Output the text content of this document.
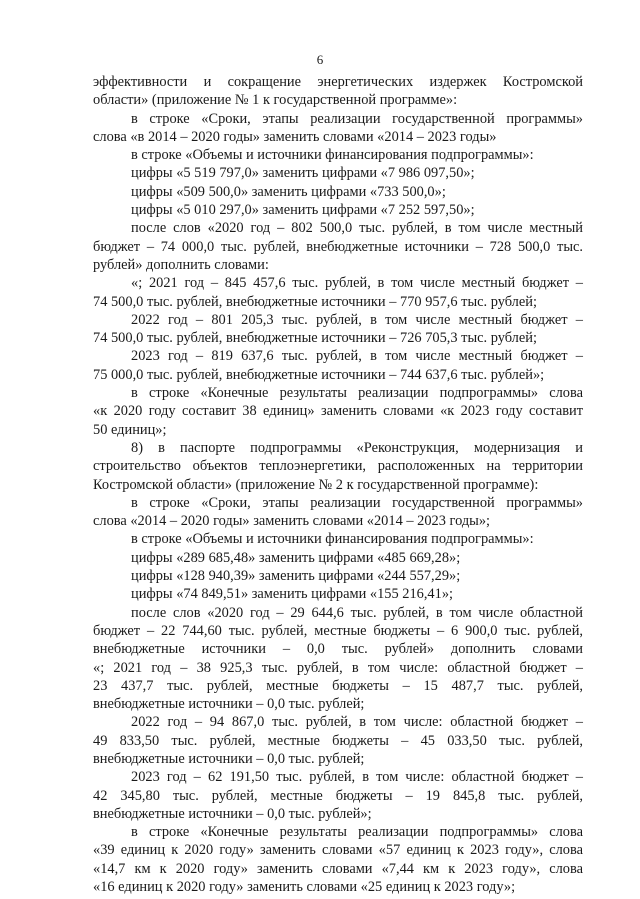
6
эффективности и сокращение энергетических издержек Костромской
области» (приложение № 1 к государственной программе»:
в строке «Сроки, этапы реализации государственной программы»
слова «в 2014 – 2020 годы» заменить словами «2014 – 2023 годы»
в строке «Объемы и источники финансирования подпрограммы»:
цифры «5 519 797,0» заменить цифрами «7 986 097,50»;
цифры «509 500,0» заменить цифрами «733 500,0»;
цифры «5 010 297,0» заменить цифрами «7 252 597,50»;
после слов «2020 год – 802 500,0 тыс. рублей, в том числе местный
бюджет – 74 000,0 тыс. рублей, внебюджетные источники – 728 500,0 тыс.
рублей» дополнить словами:
«; 2021 год – 845 457,6 тыс. рублей, в том числе местный бюджет –
74 500,0 тыс. рублей, внебюджетные источники – 770 957,6 тыс. рублей;
2022 год – 801 205,3 тыс. рублей, в том числе местный бюджет –
74 500,0 тыс. рублей, внебюджетные источники – 726 705,3 тыс. рублей;
2023 год – 819 637,6 тыс. рублей, в том числе местный бюджет –
75 000,0 тыс. рублей, внебюджетные источники – 744 637,6 тыс. рублей»;
в строке «Конечные результаты реализации подпрограммы» слова
«к 2020 году составит 38 единиц» заменить словами «к 2023 году составит
50 единиц»;
8) в паспорте подпрограммы «Реконструкция, модернизация и
строительство объектов теплоэнергетики, расположенных на территории
Костромской области» (приложение № 2 к государственной программе):
в строке «Сроки, этапы реализации государственной программы»
слова «2014 – 2020 годы» заменить словами «2014 – 2023 годы»;
в строке «Объемы и источники финансирования подпрограммы»:
цифры «289 685,48» заменить цифрами «485 669,28»;
цифры «128 940,39» заменить цифрами «244 557,29»;
цифры «74 849,51» заменить цифрами «155 216,41»;
после слов «2020 год – 29 644,6 тыс. рублей, в том числе областной
бюджет – 22 744,60 тыс. рублей, местные бюджеты – 6 900,0 тыс. рублей,
внебюджетные источники – 0,0 тыс. рублей» дополнить словами
«; 2021 год – 38 925,3 тыс. рублей, в том числе: областной бюджет –
23 437,7 тыс. рублей, местные бюджеты – 15 487,7 тыс. рублей,
внебюджетные источники – 0,0 тыс. рублей;
2022 год – 94 867,0 тыс. рублей, в том числе: областной бюджет –
49 833,50 тыс. рублей, местные бюджеты – 45 033,50 тыс. рублей,
внебюджетные источники – 0,0 тыс. рублей;
2023 год – 62 191,50 тыс. рублей, в том числе: областной бюджет –
42 345,80 тыс. рублей, местные бюджеты – 19 845,8 тыс. рублей,
внебюджетные источники – 0,0 тыс. рублей»;
в строке «Конечные результаты реализации подпрограммы» слова
«39 единиц к 2020 году» заменить словами «57 единиц к 2023 году», слова
«14,7 км к 2020 году» заменить словами «7,44 км к 2023 году», слова
«16 единиц к 2020 году» заменить словами «25 единиц к 2023 году»;
